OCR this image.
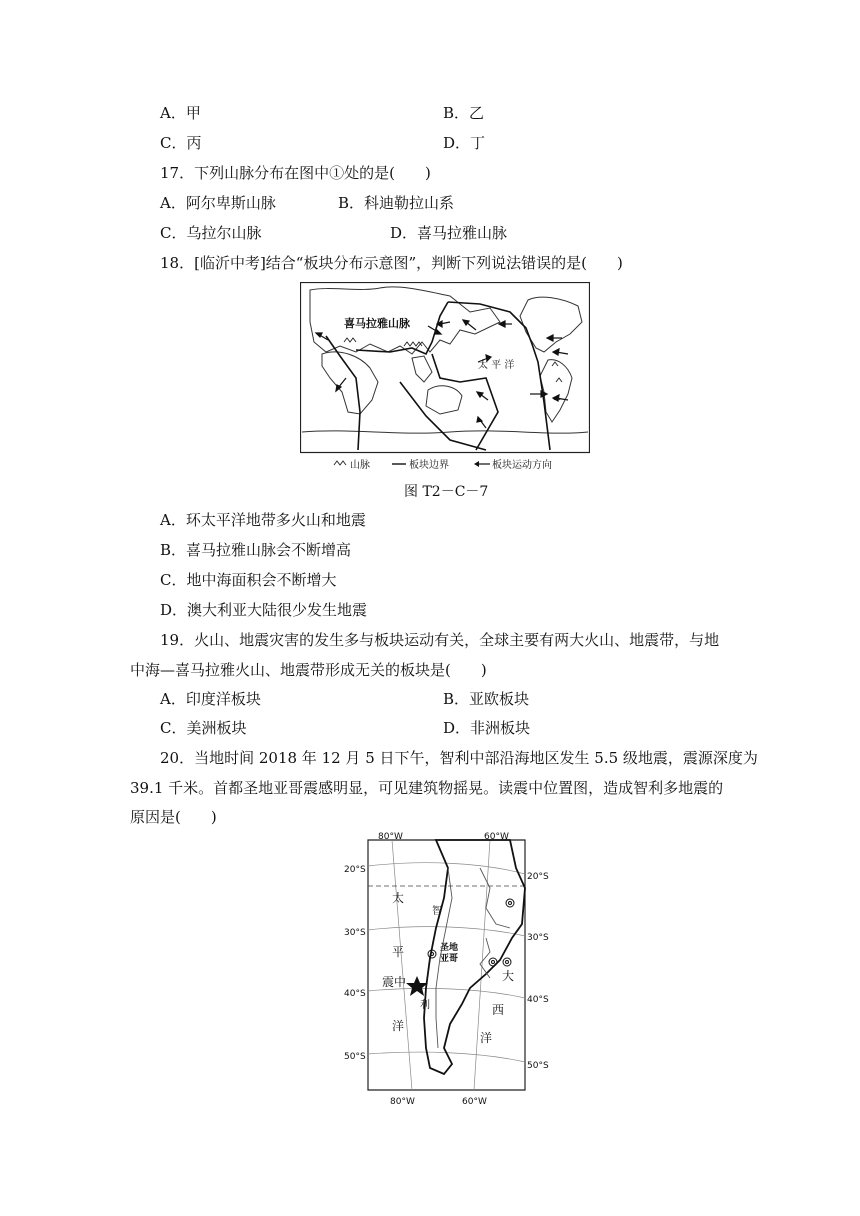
A．甲	B．乙
C．丙	D．丁
17．下列山脉分布在图中①处的是(　　)
A．阿尔卑斯山脉	B．科迪勒拉山系
C．乌拉尔山脉	D．喜马拉雅山脉
18．[临沂中考]结合“板块分布示意图”，判断下列说法错误的是(　　)
喜马拉雅山脉
太 平 洋
山脉	板块边界	板块运动方向
图 T2－C－7
A．环太平洋地带多火山和地震
B．喜马拉雅山脉会不断增高
C．地中海面积会不断增大
D．澳大利亚大陆很少发生地震
19．火山、地震灾害的发生多与板块运动有关，全球主要有两大火山、地震带，与地
中海—喜马拉雅火山、地震带形成无关的板块是(　　)
A．印度洋板块	B．亚欧板块
C．美洲板块	D．非洲板块
20．当地时间 2018 年 12 月 5 日下午，智利中部沿海地区发生 5.5 级地震，震源深度为
39.1 千米。首都圣地亚哥震感明显，可见建筑物摇晃。读震中位置图，造成智利多地震的
原因是(　　)
80°W	60°W
80°W	60°W
20°S
30°S
40°S
50°S
20°S
30°S
40°S
50°S
太
平
洋
智
利
大
西
洋
圣地
亚哥
震中
